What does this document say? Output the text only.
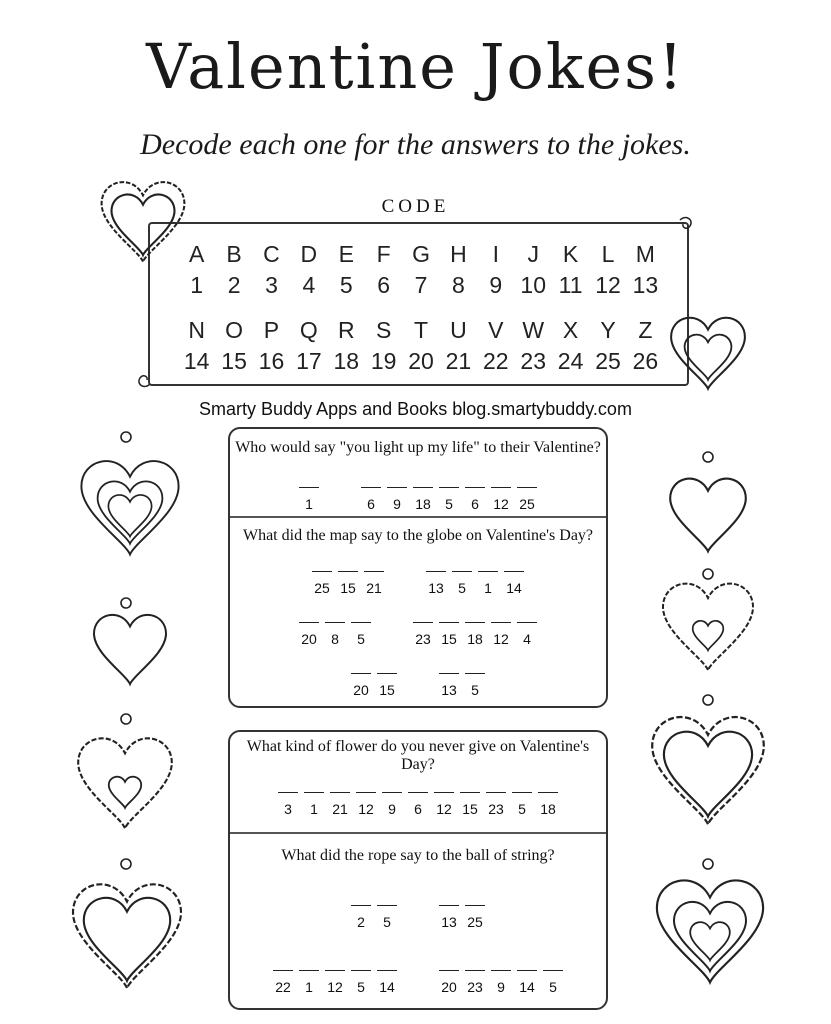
Valentine Jokes!
Decode each one for the answers to the jokes.
CODE
A B C D E F G H	I	J	K	L M
1	2	3	4	5	6	7	8	9 10 11 12 13
N O P Q R S T U V W X Y Z
14 15 16 17 18 19 20 21 22 23 24 25 26
Smarty Buddy Apps and Books blog.smartybuddy.com
Who would say "you light up my life" to their Valentine?
1	6	9	18	5	6	12 25
What did the map say to the globe on Valentine's Day?
25 15 21	13	5	1	14
20	8	5	23 15 18 12	4
20 15	13	5
What kind of flower do you never give on Valentine's Day?
3	1	21 12	9	6	12 15 23	5	18
What did the rope say to the ball of string?
2	5	13 25
22	1	12	5	14	20 23	9	14	5
